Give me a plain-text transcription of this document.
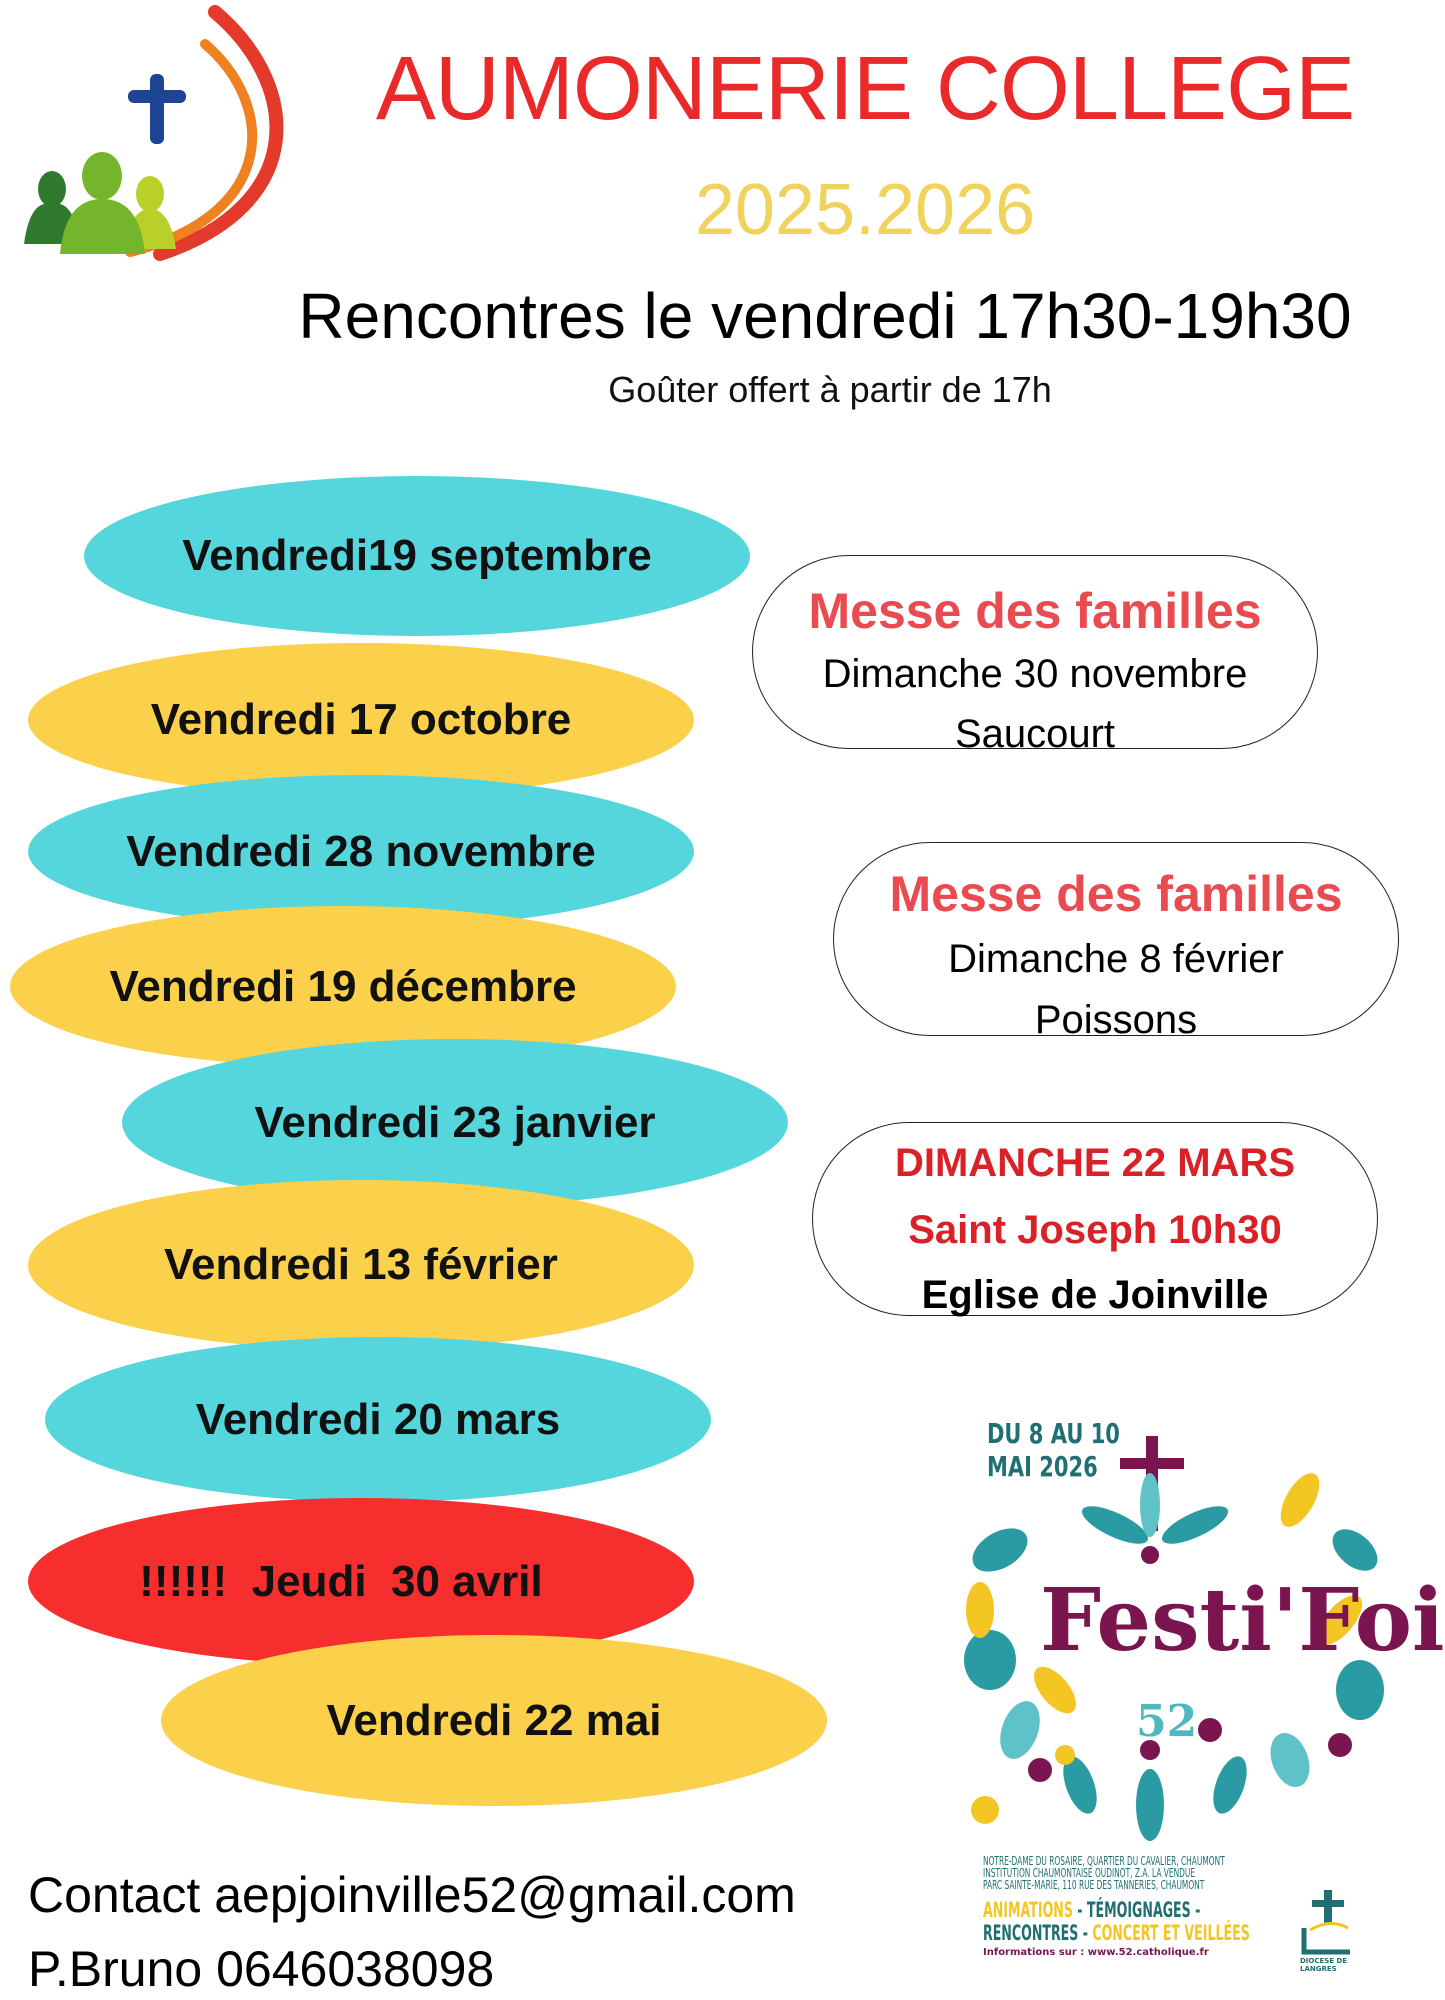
AUMONERIE COLLEGE
2025.2026
Rencontres le vendredi 17h30-19h30
Goûter offert à partir de 17h
Vendredi19 septembre
Vendredi 17 octobre
Vendredi 28 novembre
Vendredi 19 décembre
Vendredi 23 janvier
Vendredi 13 février
Vendredi 20 mars
!!!!!!  Jeudi  30 avril
Vendredi 22 mai
Messe des familles
Dimanche 30 novembre
Saucourt
Messe des familles
Dimanche 8 février
Poissons
DIMANCHE 22 MARS
Saint Joseph 10h30
Eglise de Joinville
Contact aepjoinville52@gmail.com
P.Bruno 0646038098
DU 8 AU 10
MAI 2026
Festi'Foi
52
NOTRE-DAME DU ROSAIRE, QUARTIER DU CAVALIER, CHAUMONT
INSTITUTION CHAUMONTAISE OUDINOT, Z.A. LA VENDUE
PARC SAINTE-MARIE, 110 RUE DES TANNERIES, CHAUMONT
ANIMATIONS - TÉMOIGNAGES -
RENCONTRES - CONCERT ET VEILLÉES
Informations sur : www.52.catholique.fr
DIOCESE DE LANGRES
